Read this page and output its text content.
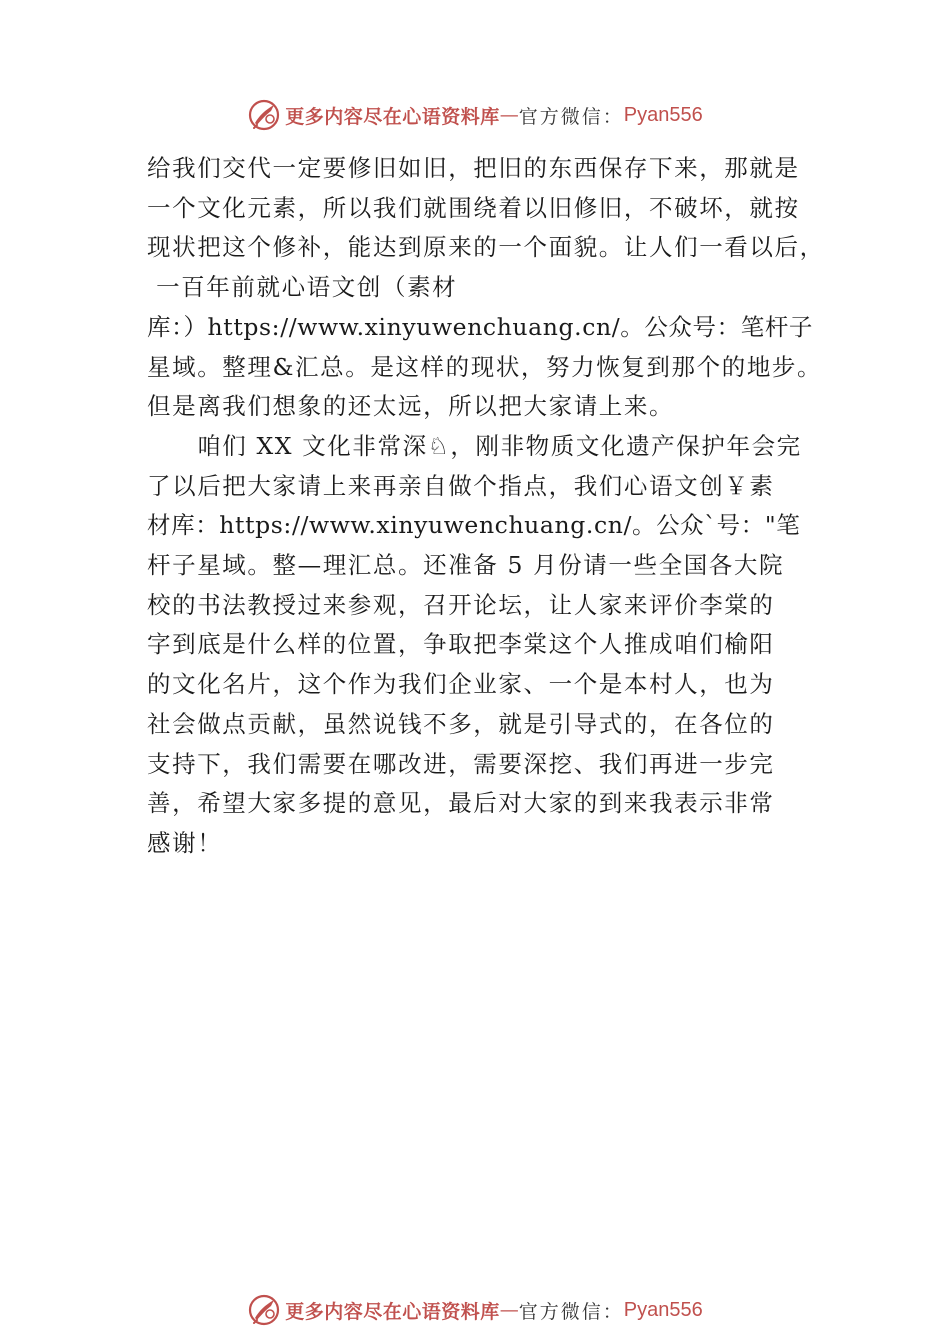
更多内容尽在心语资料库 — 官方微信： Pyan556

给我们交代一定要修旧如旧，把旧的东西保存下来，那就是
一个文化元素，所以我们就围绕着以旧修旧，不破坏，就按
现状把这个修补，能达到原来的一个面貌。让人们一看以后，
一百年前就心语文创（素材
库：）https://www.xinyuwenchuang.cn/。公众号：笔杆子
星域。整理&汇总。是这样的现状，努力恢复到那个的地步。
但是离我们想象的还太远，所以把大家请上来。

　　咱们 XX 文化非常深♘，刚非物质文化遗产保护年会完
了以后把大家请上来再亲自做个指点，我们心语文创￥素
材库：https://www.xinyuwenchuang.cn/。公众`号："笔
杆子星域。整—理汇总。还准备 5 月份请一些全国各大院
校的书法教授过来参观，召开论坛，让人家来评价李棠的
字到底是什么样的位置，争取把李棠这个人推成咱们榆阳
的文化名片，这个作为我们企业家、一个是本村人，也为
社会做点贡献，虽然说钱不多，就是引导式的，在各位的
支持下，我们需要在哪改进，需要深挖、我们再进一步完
善，希望大家多提的意见，最后对大家的到来我表示非常
感谢！

更多内容尽在心语资料库 — 官方微信： Pyan556
